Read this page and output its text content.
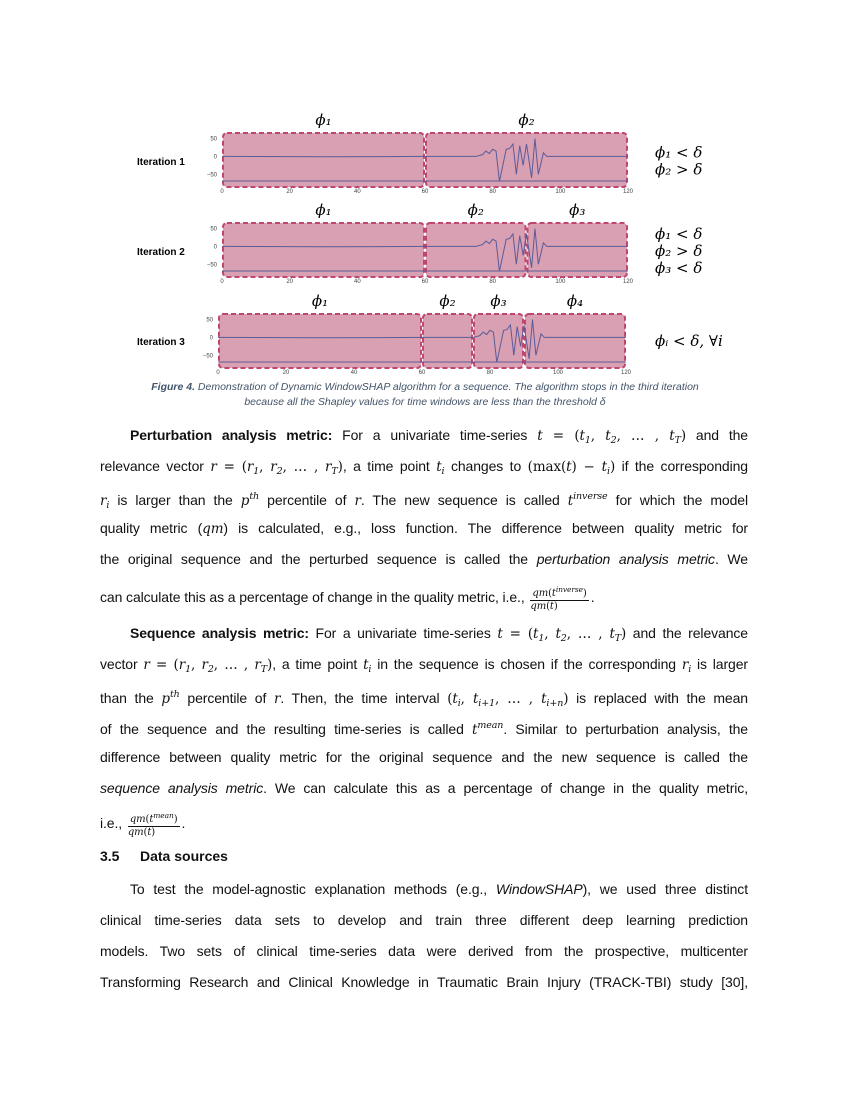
Iteration 1
ϕ₁	ϕ₂
50
0
−50
0	20	40	60	80	100	120
ϕ₁ < δ
ϕ₂ > δ
Iteration 2
ϕ₁	ϕ₂	ϕ₃
50
0
−50
0	20	40	60	80	100	120
ϕ₁ < δ
ϕ₂ > δ
ϕ₃ < δ
Iteration 3
ϕ₁	ϕ₂ ϕ₃	ϕ₄
50
0
−50
0	20	40	60	80	100	120
ϕᵢ < δ, ∀i
Figure 4. Demonstration of Dynamic WindowSHAP algorithm for a sequence. The algorithm stops in the third iteration
because all the Shapley values for time windows are less than the threshold δ
Perturbation analysis metric: For a univariate time-series $t = (t_1$, $t_2$, … , $t_T$) and the
relevance vector $r = (r_1$, $r_2$, … , $r_T$), a time point $t_i$ changes to $(\max(t) - t_i)$ if the corresponding
$r_i$ is larger than the $p^{th}$ percentile of r. The new sequence is called $t^{inverse}$ for which the model
quality metric (qm) is calculated, e.g., loss function. The difference between quality metric for
the original sequence and the perturbed sequence is called the perturbation analysis metric. We
can calculate this as a percentage of change in the quality metric, i.e., $\frac{qm(t^{inverse})}{qm(t)}$ .
Sequence analysis metric: For a univariate time-series $t = (t_1$, $t_2$, … , $t_T$) and the relevance
vector $r = (r_1$, $r_2$, … , $r_T$), a time point $t_i$ in the sequence is chosen if the corresponding $r_i$ is larger
than the $p^{th}$ percentile of r. Then, the time interval ($t_i$, $t_{i+1}$, … , $t_{i+n}$) is replaced with the mean
of the sequence and the resulting time-series is called $t^{mean}$. Similar to perturbation analysis, the
difference between quality metric for the original sequence and the new sequence is called the
sequence analysis metric. We can calculate this as a percentage of change in the quality metric,
i.e., $\frac{qm(t^{mean})}{qm(t)}$ .
3.5 Data sources
To test the model-agnostic explanation methods (e.g., WindowSHAP), we used three distinct
clinical time-series data sets to develop and train three different deep learning prediction
models. Two sets of clinical time-series data were derived from the prospective, multicenter
Transforming Research and Clinical Knowledge in Traumatic Brain Injury (TRACK-TBI) study [30],
